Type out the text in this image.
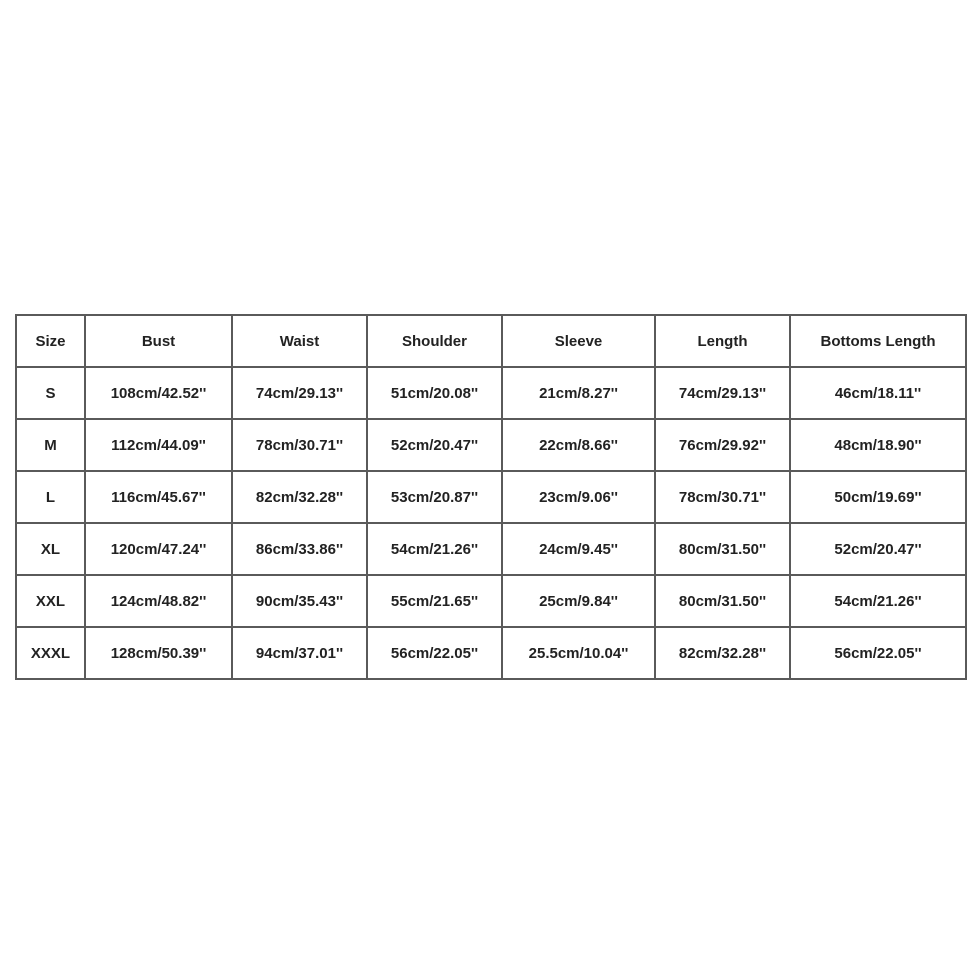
Size	Bust	Waist	Shoulder	Sleeve	Length	Bottoms Length
S	108cm/42.52''	74cm/29.13''	51cm/20.08''	21cm/8.27''	74cm/29.13''	46cm/18.11''
M	112cm/44.09''	78cm/30.71''	52cm/20.47''	22cm/8.66''	76cm/29.92''	48cm/18.90''
L	116cm/45.67''	82cm/32.28''	53cm/20.87''	23cm/9.06''	78cm/30.71''	50cm/19.69''
XL	120cm/47.24''	86cm/33.86''	54cm/21.26''	24cm/9.45''	80cm/31.50''	52cm/20.47''
XXL	124cm/48.82''	90cm/35.43''	55cm/21.65''	25cm/9.84''	80cm/31.50''	54cm/21.26''
XXXL	128cm/50.39''	94cm/37.01''	56cm/22.05''	25.5cm/10.04''	82cm/32.28''	56cm/22.05''
